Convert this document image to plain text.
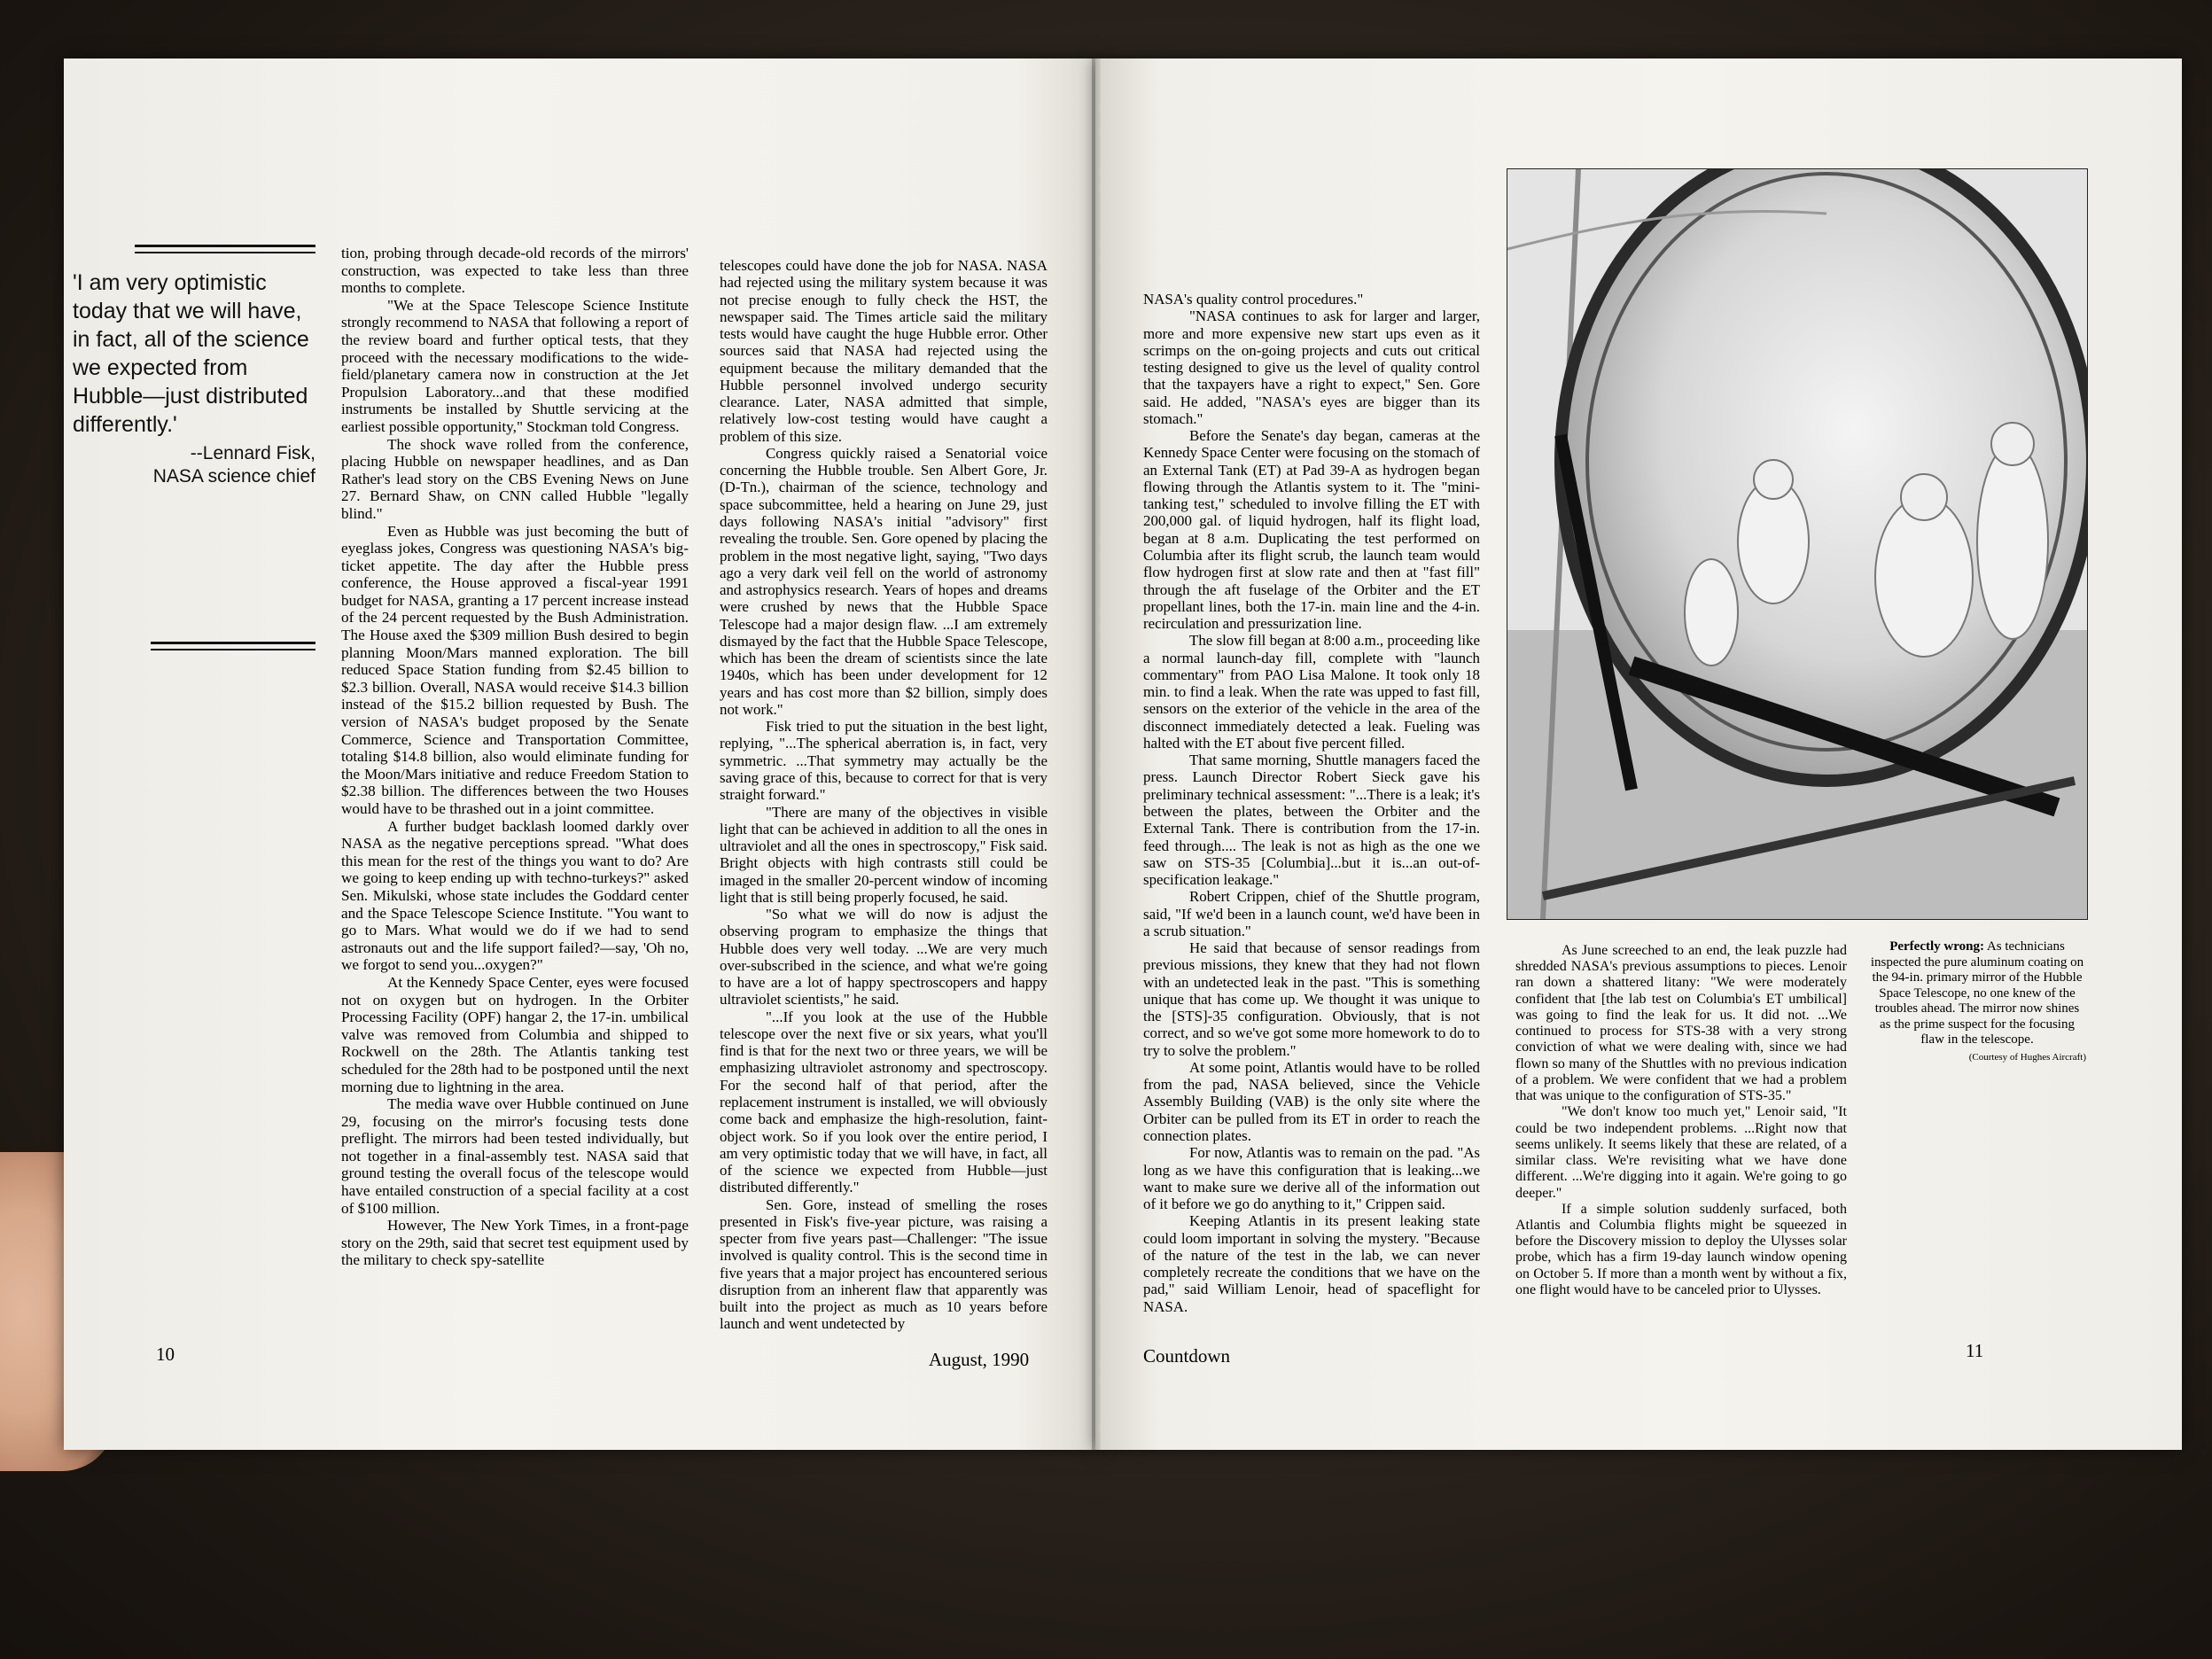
'I am very optimistic today that we will have, in fact, all of the science we expected from Hubble—just distributed differently.'
--Lennard Fisk,
NASA science chief

tion, probing through decade-old records of the mirrors' construction, was expected to take less than three months to complete.

"We at the Space Telescope Science Institute strongly recommend to NASA that following a report of the review board and further optical tests, that they proceed with the necessary modifications to the wide-field/planetary camera now in construction at the Jet Propulsion Laboratory...and that these modified instruments be installed by Shuttle servicing at the earliest possible opportunity," Stockman told Congress.

The shock wave rolled from the conference, placing Hubble on newspaper headlines, and as Dan Rather's lead story on the CBS Evening News on June 27. Bernard Shaw, on CNN called Hubble "legally blind."

Even as Hubble was just becoming the butt of eyeglass jokes, Congress was questioning NASA's big-ticket appetite. The day after the Hubble press conference, the House approved a fiscal-year 1991 budget for NASA, granting a 17 percent increase instead of the 24 percent requested by the Bush Administration. The House axed the $309 million Bush desired to begin planning Moon/Mars manned exploration. The bill reduced Space Station funding from $2.45 billion to $2.3 billion. Overall, NASA would receive $14.3 billion instead of the $15.2 billion requested by Bush. The version of NASA's budget proposed by the Senate Commerce, Science and Transportation Committee, totaling $14.8 billion, also would eliminate funding for the Moon/Mars initiative and reduce Freedom Station to $2.38 billion. The differences between the two Houses would have to be thrashed out in a joint committee.

A further budget backlash loomed darkly over NASA as the negative perceptions spread. "What does this mean for the rest of the things you want to do? Are we going to keep ending up with techno-turkeys?" asked Sen. Mikulski, whose state includes the Goddard center and the Space Telescope Science Institute. "You want to go to Mars. What would we do if we had to send astronauts out and the life support failed?—say, 'Oh no, we forgot to send you...oxygen?"

At the Kennedy Space Center, eyes were focused not on oxygen but on hydrogen. In the Orbiter Processing Facility (OPF) hangar 2, the 17-in. umbilical valve was removed from Columbia and shipped to Rockwell on the 28th. The Atlantis tanking test scheduled for the 28th had to be postponed until the next morning due to lightning in the area.

The media wave over Hubble continued on June 29, focusing on the mirror's focusing tests done preflight. The mirrors had been tested individually, but not together in a final-assembly test. NASA said that ground testing the overall focus of the telescope would have entailed construction of a special facility at a cost of $100 million.

However, The New York Times, in a front-page story on the 29th, said that secret test equipment used by the military to check spy-satellite

telescopes could have done the job for NASA. NASA had rejected using the military system because it was not precise enough to fully check the HST, the newspaper said. The Times article said the military tests would have caught the huge Hubble error. Other sources said that NASA had rejected using the equipment because the military demanded that the Hubble personnel involved undergo security clearance. Later, NASA admitted that simple, relatively low-cost testing would have caught a problem of this size.

Congress quickly raised a Senatorial voice concerning the Hubble trouble. Sen Albert Gore, Jr. (D-Tn.), chairman of the science, technology and space subcommittee, held a hearing on June 29, just days following NASA's initial "advisory" first revealing the trouble. Sen. Gore opened by placing the problem in the most negative light, saying, "Two days ago a very dark veil fell on the world of astronomy and astrophysics research. Years of hopes and dreams were crushed by news that the Hubble Space Telescope had a major design flaw. ...I am extremely dismayed by the fact that the Hubble Space Telescope, which has been the dream of scientists since the late 1940s, which has been under development for 12 years and has cost more than $2 billion, simply does not work."

Fisk tried to put the situation in the best light, replying, "...The spherical aberration is, in fact, very symmetric. ...That symmetry may actually be the saving grace of this, because to correct for that is very straight forward."

"There are many of the objectives in visible light that can be achieved in addition to all the ones in ultraviolet and all the ones in spectroscopy," Fisk said. Bright objects with high contrasts still could be imaged in the smaller 20-percent window of incoming light that is still being properly focused, he said.

"So what we will do now is adjust the observing program to emphasize the things that Hubble does very well today. ...We are very much over-subscribed in the science, and what we're going to have are a lot of happy spectroscopers and happy ultraviolet scientists," he said.

"...If you look at the use of the Hubble telescope over the next five or six years, what you'll find is that for the next two or three years, we will be emphasizing ultraviolet astronomy and spectroscopy. For the second half of that period, after the replacement instrument is installed, we will obviously come back and emphasize the high-resolution, faint-object work. So if you look over the entire period, I am very optimistic today that we will have, in fact, all of the science we expected from Hubble—just distributed differently."

Sen. Gore, instead of smelling the roses presented in Fisk's five-year picture, was raising a specter from five years past—Challenger: "The issue involved is quality control. This is the second time in five years that a major project has encountered serious disruption from an inherent flaw that apparently was built into the project as much as 10 years before launch and went undetected by

10	August, 1990

NASA's quality control procedures."

"NASA continues to ask for larger and larger, more and more expensive new start ups even as it scrimps on the on-going projects and cuts out critical testing designed to give us the level of quality control that the taxpayers have a right to expect," Sen. Gore said. He added, "NASA's eyes are bigger than its stomach."

Before the Senate's day began, cameras at the Kennedy Space Center were focusing on the stomach of an External Tank (ET) at Pad 39-A as hydrogen began flowing through the Atlantis system to it. The "mini-tanking test," scheduled to involve filling the ET with 200,000 gal. of liquid hydrogen, half its flight load, began at 8 a.m. Duplicating the test performed on Columbia after its flight scrub, the launch team would flow hydrogen first at slow rate and then at "fast fill" through the aft fuselage of the Orbiter and the ET propellant lines, both the 17-in. main line and the 4-in. recirculation and pressurization line.

The slow fill began at 8:00 a.m., proceeding like a normal launch-day fill, complete with "launch commentary" from PAO Lisa Malone. It took only 18 min. to find a leak. When the rate was upped to fast fill, sensors on the exterior of the vehicle in the area of the disconnect immediately detected a leak. Fueling was halted with the ET about five percent filled.

That same morning, Shuttle managers faced the press. Launch Director Robert Sieck gave his preliminary technical assessment: "...There is a leak; it's between the plates, between the Orbiter and the External Tank. There is contribution from the 17-in. feed through.... The leak is not as high as the one we saw on STS-35 [Columbia]...but it is...an out-of-specification leakage."

Robert Crippen, chief of the Shuttle program, said, "If we'd been in a launch count, we'd have been in a scrub situation."

He said that because of sensor readings from previous missions, they knew that they had not flown with an undetected leak in the past. "This is something unique that has come up. We thought it was unique to the [STS]-35 configuration. Obviously, that is not correct, and so we've got some more homework to do to try to solve the problem."

At some point, Atlantis would have to be rolled from the pad, NASA believed, since the Vehicle Assembly Building (VAB) is the only site where the Orbiter can be pulled from its ET in order to reach the connection plates.

For now, Atlantis was to remain on the pad. "As long as we have this configuration that is leaking...we want to make sure we derive all of the information out of it before we go do anything to it," Crippen said.

Keeping Atlantis in its present leaking state could loom important in solving the mystery. "Because of the nature of the test in the lab, we can never completely recreate the conditions that we have on the pad," said William Lenoir, head of spaceflight for NASA.

As June screeched to an end, the leak puzzle had shredded NASA's previous assumptions to pieces. Lenoir ran down a shattered litany: "We were moderately confident that [the lab test on Columbia's ET umbilical] was going to find the leak for us. It did not. ...We continued to process for STS-38 with a very strong conviction of what we were dealing with, since we had flown so many of the Shuttles with no previous indication of a problem. We were confident that we had a problem that was unique to the configuration of STS-35."

"We don't know too much yet," Lenoir said, "It could be two independent problems. ...Right now that seems unlikely. It seems likely that these are related, of a similar class. We're revisiting what we have done different. ...We're digging into it again. We're going to go deeper."

If a simple solution suddenly surfaced, both Atlantis and Columbia flights might be squeezed in before the Discovery mission to deploy the Ulysses solar probe, which has a firm 19-day launch window opening on October 5. If more than a month went by without a fix, one flight would have to be canceled prior to Ulysses.

Perfectly wrong: As technicians inspected the pure aluminum coating on the 94-in. primary mirror of the Hubble Space Telescope, no one knew of the troubles ahead. The mirror now shines as the prime suspect for the focusing flaw in the telescope.
(Courtesy of Hughes Aircraft)
Countdown	11
